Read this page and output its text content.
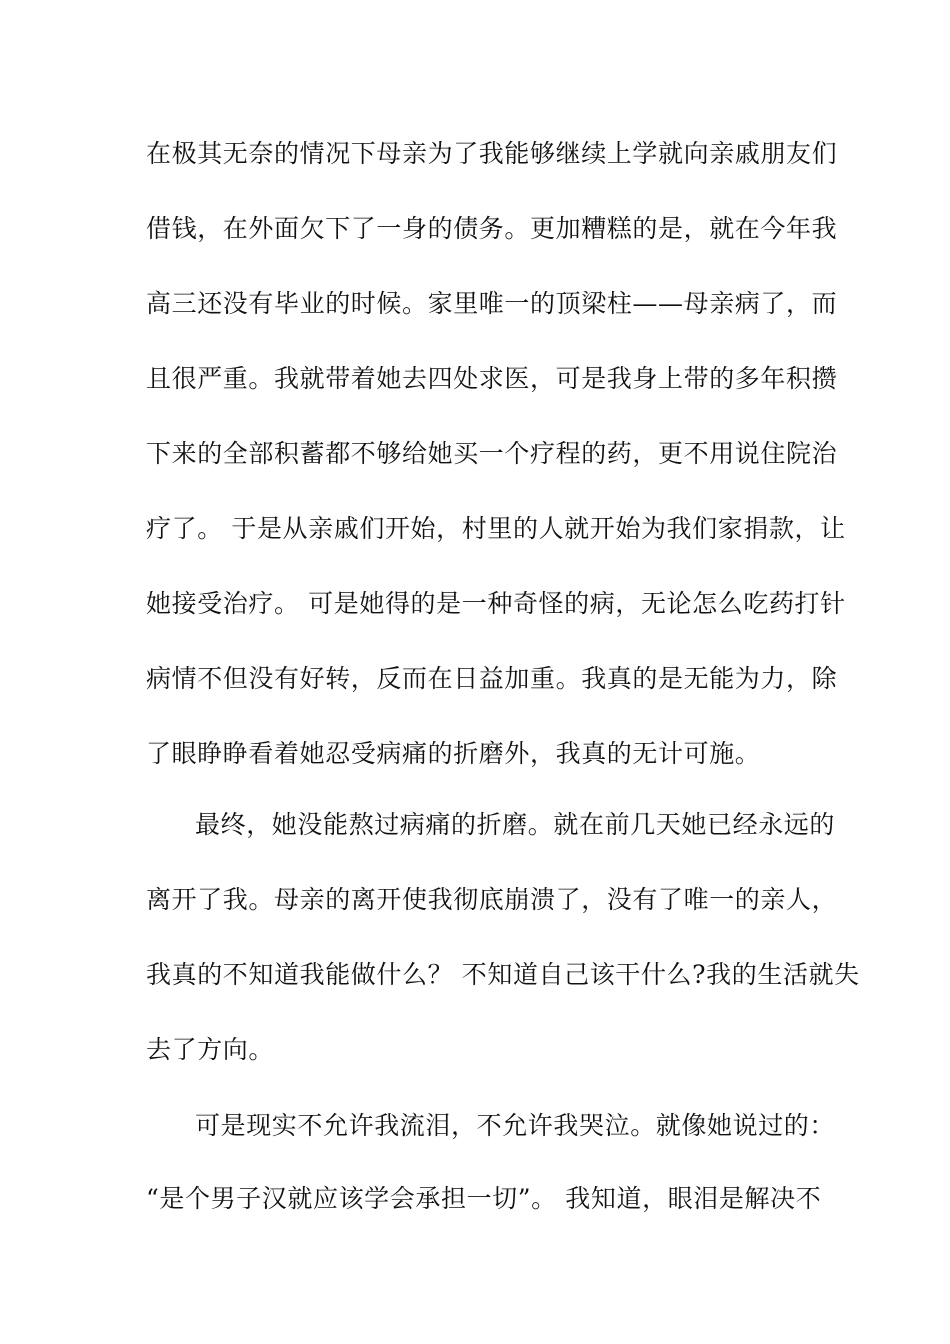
在极其无奈的情况下母亲为了我能够继续上学就向亲戚朋友们
借钱，在外面欠下了一身的债务。更加糟糕的是，就在今年我
高三还没有毕业的时候。家里唯一的顶梁柱——母亲病了，而
且很严重。我就带着她去四处求医，可是我身上带的多年积攒
下来的全部积蓄都不够给她买一个疗程的药，更不用说住院治
疗了。 于是从亲戚们开始，村里的人就开始为我们家捐款，让
她接受治疗。 可是她得的是一种奇怪的病，无论怎么吃药打针
病情不但没有好转，反而在日益加重。我真的是无能为力，除
了眼睁睁看着她忍受病痛的折磨外，我真的无计可施。
最终，她没能熬过病痛的折磨。就在前几天她已经永远的
离开了我。母亲的离开使我彻底崩溃了，没有了唯一的亲人，
我真的不知道我能做什么？ 不知道自己该干什么?我的生活就失
去了方向。
可是现实不允许我流泪，不允许我哭泣。就像她说过的：
“是个男子汉就应该学会承担一切”。 我知道，眼泪是解决不
